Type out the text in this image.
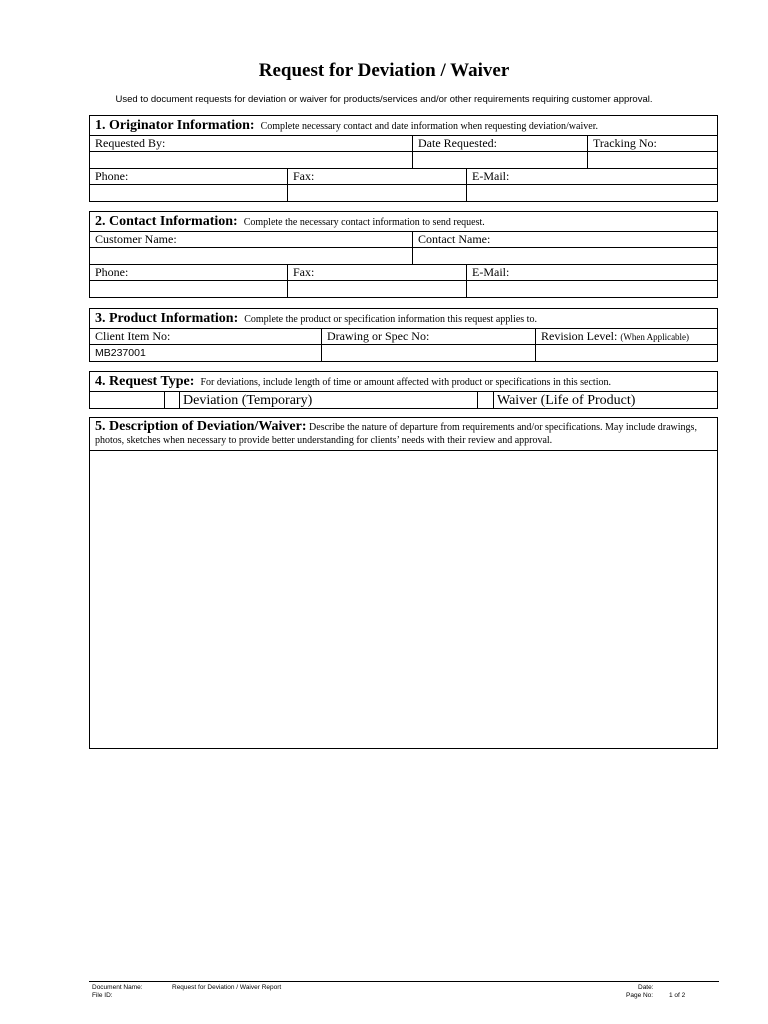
Request for Deviation / Waiver
Used to document requests for deviation or waiver for products/services and/or other requirements requiring customer approval.
1. Originator Information: Complete necessary contact and date information when requesting deviation/waiver.
Requested By:	Date Requested:	Tracking No:
Phone:	Fax:	E-Mail:
2. Contact Information: Complete the necessary contact information to send request.
Customer Name:	Contact Name:
Phone:	Fax:	E-Mail:
3. Product Information: Complete the product or specification information this request applies to.
Client Item No:	Drawing or Spec No:	Revision Level: (When Applicable)
MB237001
4. Request Type: For deviations, include length of time or amount affected with product or specifications in this section.
Deviation (Temporary)	Waiver (Life of Product)
5. Description of Deviation/Waiver: Describe the nature of departure from requirements and/or specifications. May include drawings, photos, sketches when necessary to provide better understanding for clients’ needs with their review and approval.
Document Name:	Request for Deviation / Waiver Report
File ID:
Date:
Page No: 1 of 2
